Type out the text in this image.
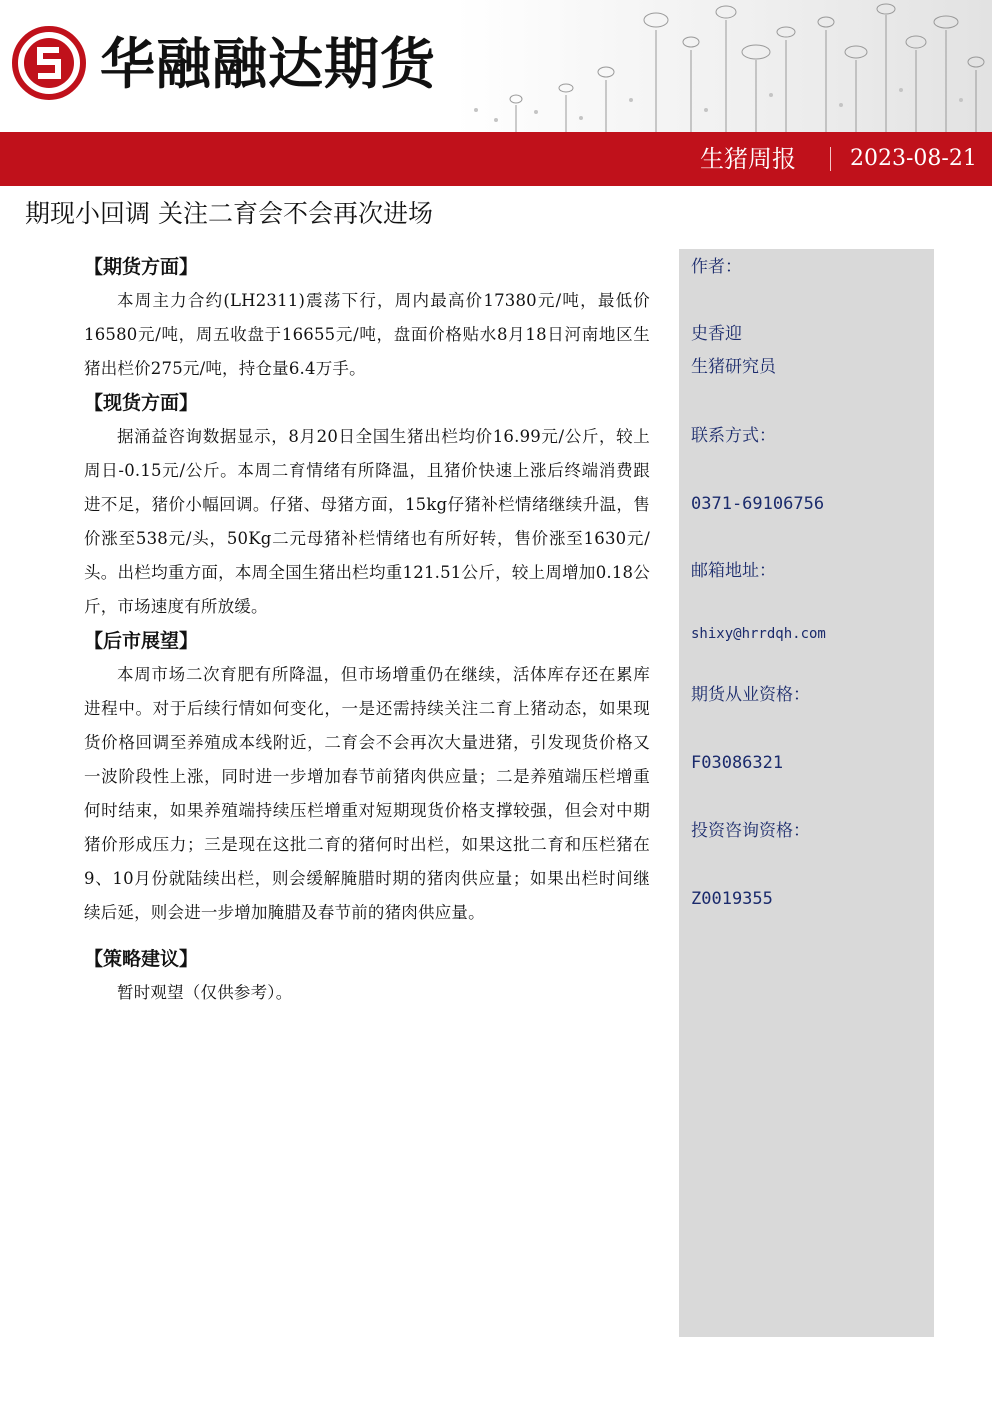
华融融达期货
生猪周报 2023-08-21
期现小回调 关注二育会不会再次进场
【期货方面】

本周主力合约(LH2311)震荡下行，周内最高价17380元/吨，最低价16580元/吨，周五收盘于16655元/吨，盘面价格贴水8月18日河南地区生猪出栏价275元/吨，持仓量6.4万手。

【现货方面】

据涌益咨询数据显示，8月20日全国生猪出栏均价16.99元/公斤，较上周日-0.15元/公斤。本周二育情绪有所降温，且猪价快速上涨后终端消费跟进不足，猪价小幅回调。仔猪、母猪方面，15kg仔猪补栏情绪继续升温，售价涨至538元/头，50Kg二元母猪补栏情绪也有所好转，售价涨至1630元/头。出栏均重方面，本周全国生猪出栏均重121.51公斤，较上周增加0.18公斤，市场速度有所放缓。

【后市展望】

本周市场二次育肥有所降温，但市场增重仍在继续，活体库存还在累库进程中。对于后续行情如何变化，一是还需持续关注二育上猪动态，如果现货价格回调至养殖成本线附近，二育会不会再次大量进猪，引发现货价格又一波阶段性上涨，同时进一步增加春节前猪肉供应量；二是养殖端压栏增重何时结束，如果养殖端持续压栏增重对短期现货价格支撑较强，但会对中期猪价形成压力；三是现在这批二育的猪何时出栏，如果这批二育和压栏猪在9、10月份就陆续出栏，则会缓解腌腊时期的猪肉供应量；如果出栏时间继续后延，则会进一步增加腌腊及春节前的猪肉供应量。

【策略建议】

暂时观望（仅供参考）。

作者：
史香迎
生猪研究员
联系方式：
0371-69106756
邮箱地址：
shixy@hrrdqh.com
期货从业资格：
F03086321
投资咨询资格：
Z0019355
